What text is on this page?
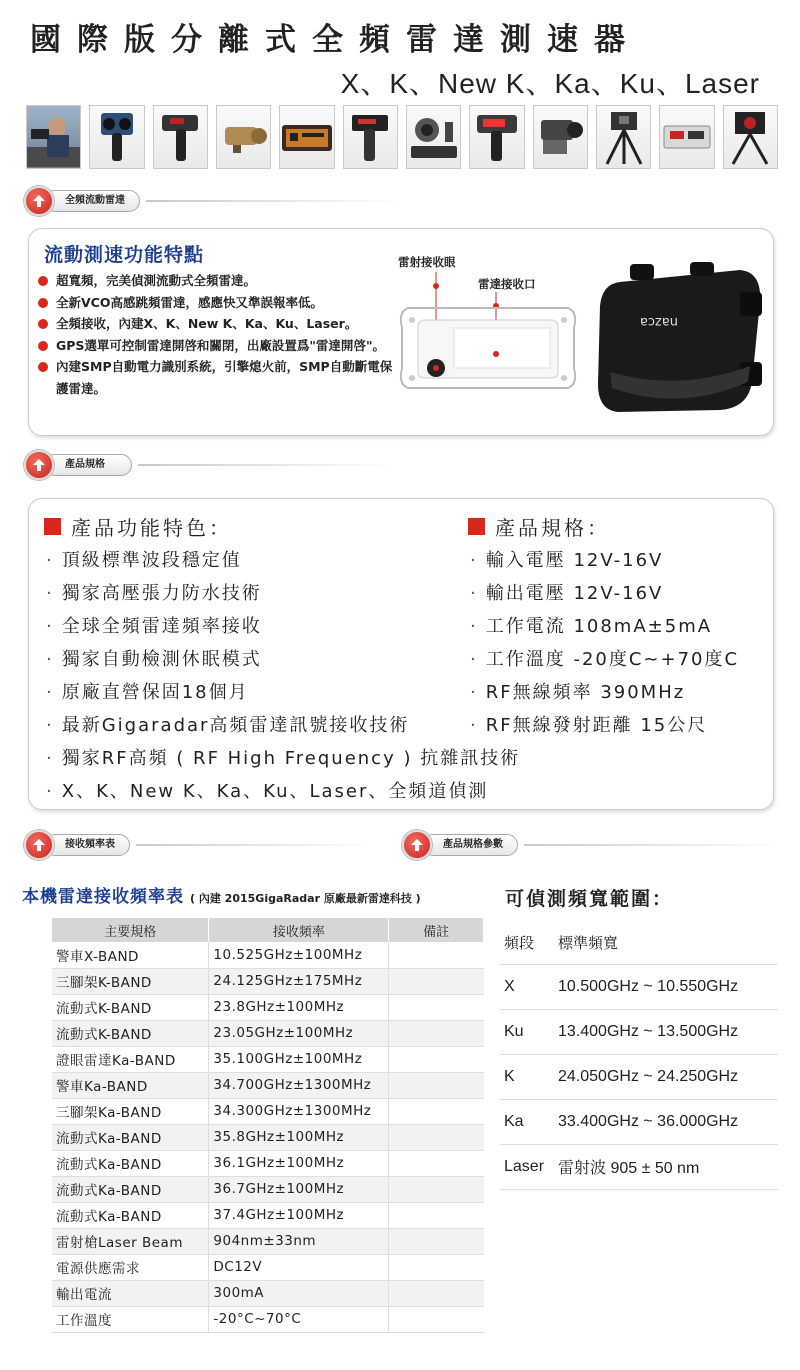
國際版分離式全頻雷達測速器
X、K、New K、Ka、Ku、Laser
全頻流動雷達
流動測速功能特點
超寬頻，完美偵測流動式全頻雷達。
全新VCO高感跳頻雷達，感應快又準誤報率低。
全頻接收，內建X、K、New K、Ka、Ku、Laser。
GPS選單可控制雷達開啓和關閉，出廠設置爲"雷達開啓"。
內建SMP自動電力識別系統，引擎熄火前，SMP自動斷電保護雷達。
雷射接收眼
雷達接收口
nazca
產品規格
產品功能特色：
· 頂級標準波段穩定值
· 獨家高壓張力防水技術
· 全球全頻雷達頻率接收
· 獨家自動檢測休眠模式
· 原廠直營保固18個月
· 最新Gigaradar高頻雷達訊號接收技術
· 獨家RF高頻 ( RF High Frequency ) 抗雜訊技術
· X、K、New K、Ka、Ku、Laser、全頻道偵測
產品規格：
· 輸入電壓 12V-16V
· 輸出電壓 12V-16V
· 工作電流 108mA±5mA
· 工作溫度 -20度C~+70度C
· RF無線頻率 390MHz
· RF無線發射距離 15公尺
接收頻率表	產品規格參數
本機雷達接收頻率表 ( 內建 2015GigaRadar 原廠最新雷達科技 )
主要規格	接收頻率	備註
警車X-BAND	10.525GHz±100MHz	
三腳架K-BAND	24.125GHz±175MHz	
流動式K-BAND	23.8GHz±100MHz	
流動式K-BAND	23.05GHz±100MHz	
證眼雷達Ka-BAND	35.100GHz±100MHz	
警車Ka-BAND	34.700GHz±1300MHz	
三腳架Ka-BAND	34.300GHz±1300MHz	
流動式Ka-BAND	35.8GHz±100MHz	
流動式Ka-BAND	36.1GHz±100MHz	
流動式Ka-BAND	36.7GHz±100MHz	
流動式Ka-BAND	37.4GHz±100MHz	
雷射槍Laser Beam	904nm±33nm	
電源供應需求	DC12V	
輸出電流	300mA	
工作溫度	-20°C~70°C	
可偵測頻寬範圍：
頻段	標準頻寬
X	10.500GHz ~ 10.550GHz
Ku	13.400GHz ~ 13.500GHz
K	24.050GHz ~ 24.250GHz
Ka	33.400GHz ~ 36.000GHz
Laser	雷射波 905 ± 50 nm
